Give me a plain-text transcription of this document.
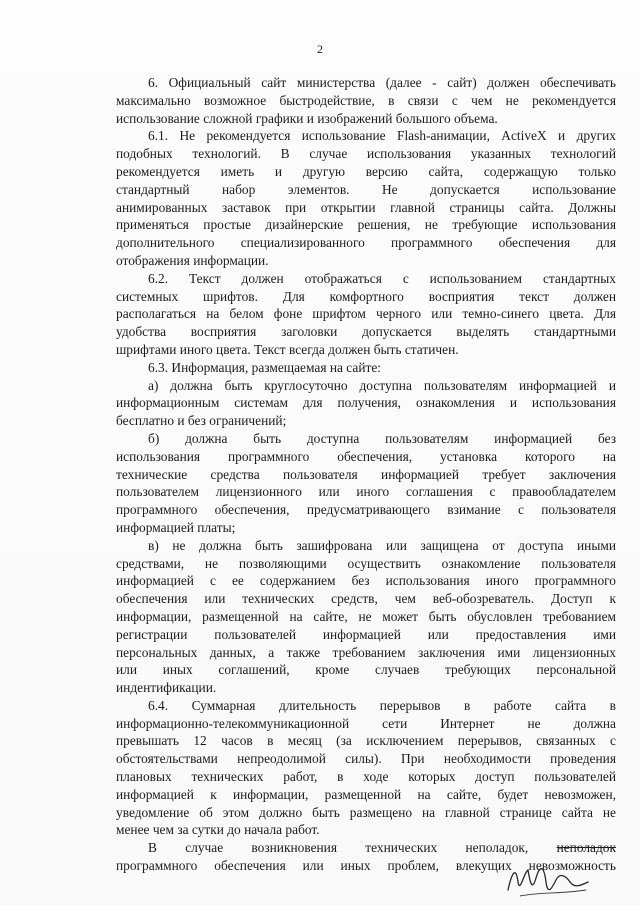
2
6. Официальный сайт министерства (далее - сайт) должен обеспечивать
максимально возможное быстродействие, в связи с чем не рекомендуется
использование сложной графики и изображений большого объема.
6.1. Не рекомендуется использование Flash-анимации, ActiveX и других
подобных технологий. В случае использования указанных технологий
рекомендуется иметь и другую версию сайта, содержащую только
стандартный набор элементов. Не допускается использование
анимированных заставок при открытии главной страницы сайта. Должны
применяться простые дизайнерские решения, не требующие использования
дополнительного специализированного программного обеспечения для
отображения информации.
6.2. Текст должен отображаться с использованием стандартных
системных шрифтов. Для комфортного восприятия текст должен
располагаться на белом фоне шрифтом черного или темно-синего цвета. Для
удобства восприятия заголовки допускается выделять стандартными
шрифтами иного цвета. Текст всегда должен быть статичен.
6.3. Информация, размещаемая на сайте:
а) должна быть круглосуточно доступна пользователям информацией и
информационным системам для получения, ознакомления и использования
бесплатно и без ограничений;
б) должна быть доступна пользователям информацией без
использования программного обеспечения, установка которого на
технические средства пользователя информацией требует заключения
пользователем лицензионного или иного соглашения с правообладателем
программного обеспечения, предусматривающего взимание с пользователя
информацией платы;
в) не должна быть зашифрована или защищена от доступа иными
средствами, не позволяющими осуществить ознакомление пользователя
информацией с ее содержанием без использования иного программного
обеспечения или технических средств, чем веб-обозреватель. Доступ к
информации, размещенной на сайте, не может быть обусловлен требованием
регистрации пользователей информацией или предоставления ими
персональных данных, а также требованием заключения ими лицензионных
или иных соглашений, кроме случаев требующих персональной
индентификации.
6.4. Суммарная длительность перерывов в работе сайта в
информационно-телекоммуникационной сети Интернет не должна
превышать 12 часов в месяц (за исключением перерывов, связанных с
обстоятельствами непреодолимой силы). При необходимости проведения
плановых технических работ, в ходе которых доступ пользователей
информацией к информации, размещенной на сайте, будет невозможен,
уведомление об этом должно быть размещено на главной странице сайта не
менее чем за сутки до начала работ.
В случае возникновения технических неполадок, неполадок
программного обеспечения или иных проблем, влекущих невозможность
